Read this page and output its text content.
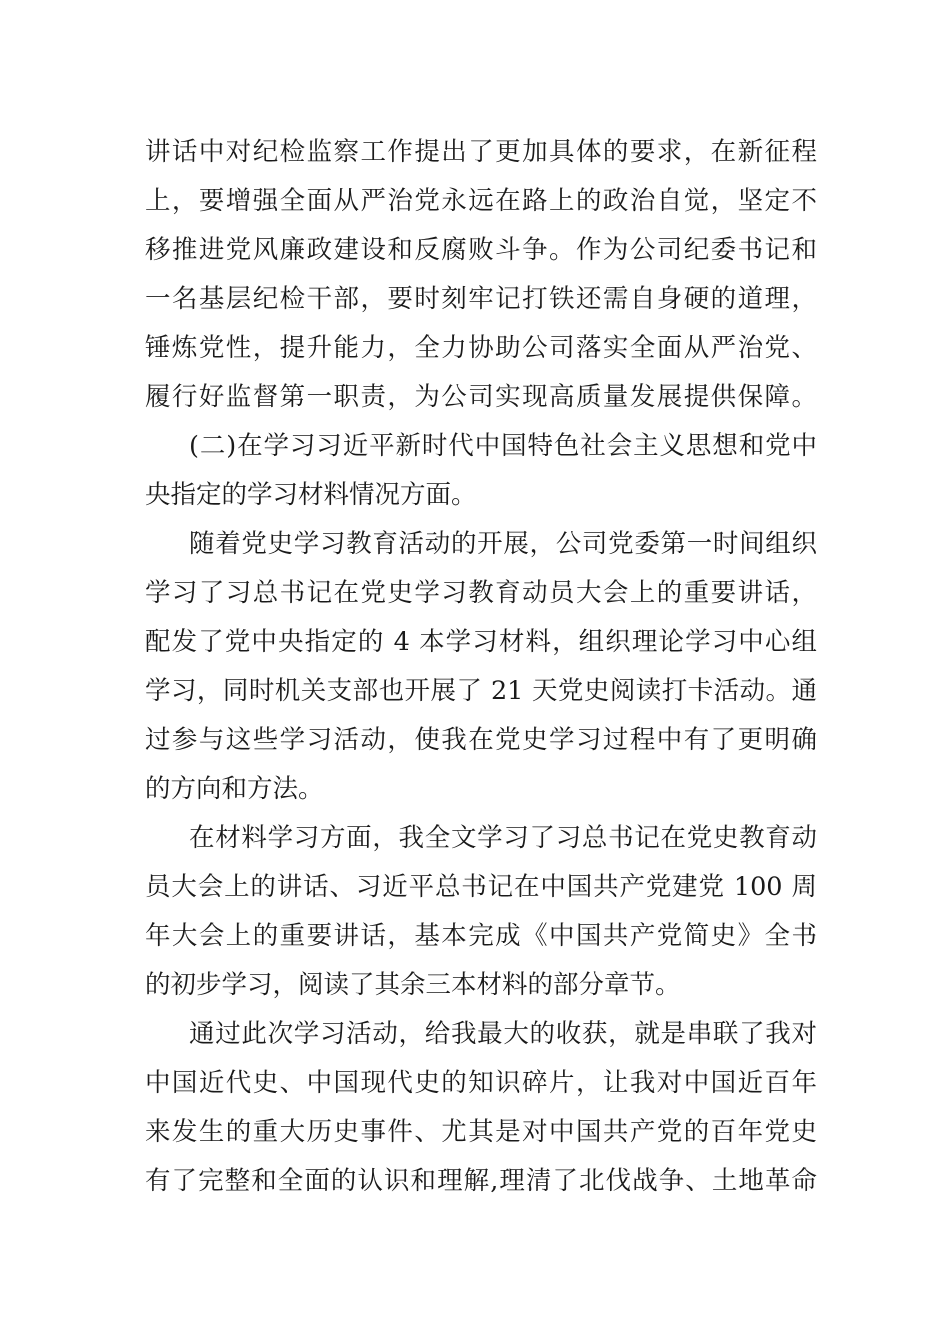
讲话中对纪检监察工作提出了更加具体的要求，在新征程
上，要增强全面从严治党永远在路上的政治自觉，坚定不
移推进党风廉政建设和反腐败斗争。作为公司纪委书记和
一名基层纪检干部，要时刻牢记打铁还需自身硬的道理，
锤炼党性，提升能力，全力协助公司落实全面从严治党、
履行好监督第一职责，为公司实现高质量发展提供保障。
(二)在学习习近平新时代中国特色社会主义思想和党中
央指定的学习材料情况方面。
随着党史学习教育活动的开展，公司党委第一时间组织
学习了习总书记在党史学习教育动员大会上的重要讲话，
配发了党中央指定的 4 本学习材料，组织理论学习中心组
学习，同时机关支部也开展了 21 天党史阅读打卡活动。通
过参与这些学习活动，使我在党史学习过程中有了更明确
的方向和方法。
在材料学习方面，我全文学习了习总书记在党史教育动
员大会上的讲话、习近平总书记在中国共产党建党 100 周
年大会上的重要讲话，基本完成《中国共产党简史》全书
的初步学习，阅读了其余三本材料的部分章节。
通过此次学习活动，给我最大的收获，就是串联了我对
中国近代史、中国现代史的知识碎片，让我对中国近百年
来发生的重大历史事件、尤其是对中国共产党的百年党史
有了完整和全面的认识和理解,理清了北伐战争、土地革命
